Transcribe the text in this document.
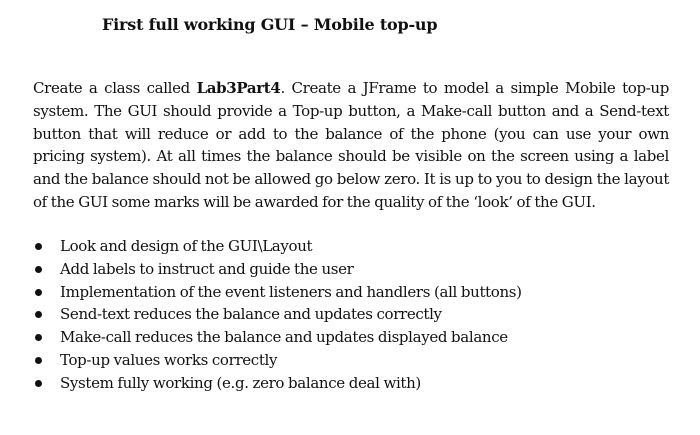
First full working GUI – Mobile top-up

Create a class called Lab3Part4. Create a JFrame to model a simple Mobile top-up system. The GUI should provide a Top-up button, a Make-call button and a Send-text button that will reduce or add to the balance of the phone (you can use your own pricing system). At all times the balance should be visible on the screen using a label and the balance should not be allowed go below zero. It is up to you to design the layout of the GUI some marks will be awarded for the quality of the ‘look’ of the GUI.

Look and design of the GUI\Layout
Add labels to instruct and guide the user
Implementation of the event listeners and handlers (all buttons)
Send-text reduces the balance and updates correctly
Make-call reduces the balance and updates displayed balance
Top-up values works correctly
System fully working (e.g. zero balance deal with)
